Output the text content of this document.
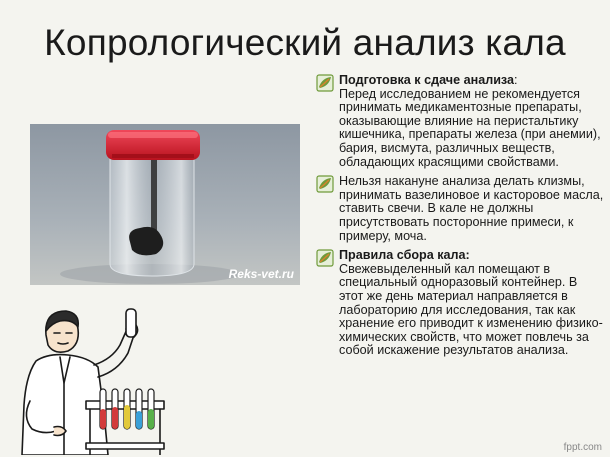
Копрологический анализ кала
Reks-vet.ru
Подготовка к сдаче анализа:
Перед исследованием не рекомендуется принимать медикаментозные препараты, оказывающие влияние на перистальтику кишечника, препараты железа (при анемии), бария, висмута, различных веществ, обладающих красящими свойствами.
Нельзя накануне анализа делать клизмы, принимать вазелиновое и касторовое масла, ставить свечи. В кале не должны присутствовать посторонние примеси, к примеру, моча.
Правила сбора кала:
Свежевыделенный кал помещают в специальный одноразовый контейнер. В этот же день материал направляется в лабораторию для исследования, так как хранение его приводит к изменению физико-химических свойств, что может повлечь за собой искажение результатов анализа.
fppt.com
